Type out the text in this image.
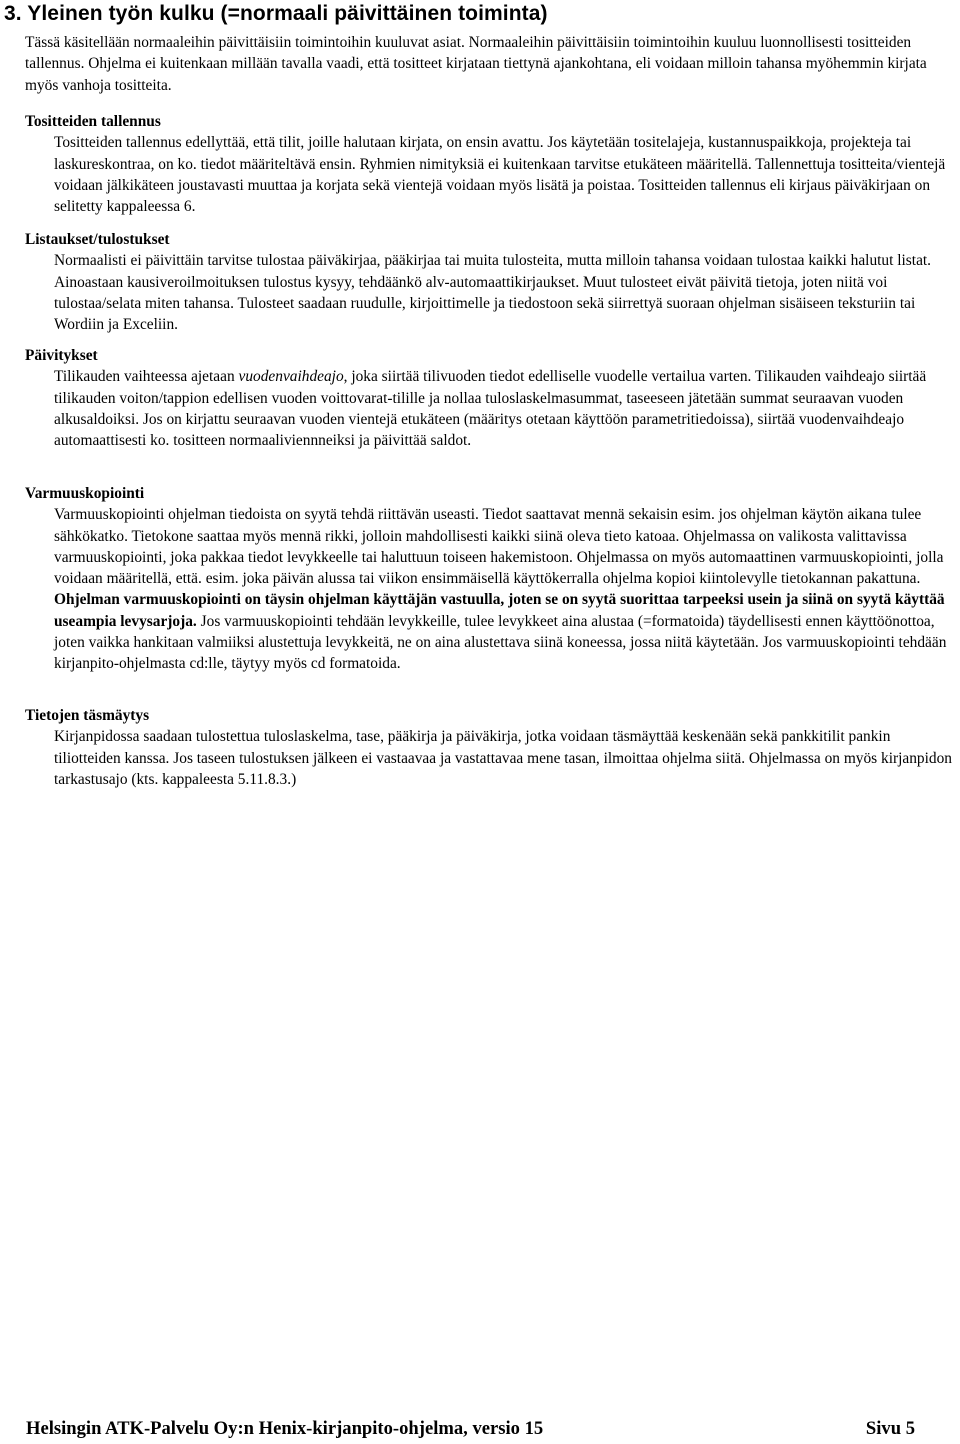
3. Yleinen työn kulku (=normaali päivittäinen toiminta)

Tässä käsitellään normaaleihin päivittäisiin toimintoihin kuuluvat asiat. Normaaleihin päivittäisiin toimintoihin kuuluu luonnollisesti tositteiden tallennus. Ohjelma ei kuitenkaan millään tavalla vaadi, että tositteet kirjataan tiettynä ajankohtana, eli voidaan milloin tahansa myöhemmin kirjata myös vanhoja tositteita.

Tositteiden tallennus

Tositteiden tallennus edellyttää, että tilit, joille halutaan kirjata, on ensin avattu. Jos käytetään tositelajeja, kustannuspaikkoja, projekteja tai laskureskontraa, on ko. tiedot määriteltävä ensin. Ryhmien nimityksiä ei kuitenkaan tarvitse etukäteen määritellä. Tallennettuja tositteita/vientejä voidaan jälkikäteen joustavasti muuttaa ja korjata sekä vientejä voidaan myös lisätä ja poistaa. Tositteiden tallennus eli kirjaus päiväkirjaan on selitetty kappaleessa 6.

Listaukset/tulostukset

Normaalisti ei päivittäin tarvitse tulostaa päiväkirjaa, pääkirjaa tai muita tulosteita, mutta milloin tahansa voidaan tulostaa kaikki halutut listat. Ainoastaan kausiveroilmoituksen tulostus kysyy, tehdäänkö alv-automaattikirjaukset. Muut tulosteet eivät päivitä tietoja, joten niitä voi tulostaa/selata miten tahansa. Tulosteet saadaan ruudulle, kirjoittimelle ja tiedostoon sekä siirrettyä suoraan ohjelman sisäiseen teksturiin tai Wordiin ja Exceliin.

Päivitykset

Tilikauden vaihteessa ajetaan vuodenvaihdeajo, joka siirtää tilivuoden tiedot edelliselle vuodelle vertailua varten. Tilikauden vaihdeajo siirtää tilikauden voiton/tappion edellisen vuoden voittovarat-tilille ja nollaa tuloslaskelmasummat, taseeseen jätetään summat seuraavan vuoden alkusaldoiksi. Jos on kirjattu seuraavan vuoden vientejä etukäteen (määritys otetaan käyttöön parametritiedoissa), siirtää vuodenvaihdeajo automaattisesti ko. tositteen normaaliviennneiksi ja päivittää saldot.

Varmuuskopiointi

Varmuuskopiointi ohjelman tiedoista on syytä tehdä riittävän useasti. Tiedot saattavat mennä sekaisin esim. jos ohjelman käytön aikana tulee sähkökatko. Tietokone saattaa myös mennä rikki, jolloin mahdollisesti kaikki siinä oleva tieto katoaa. Ohjelmassa on valikosta valittavissa varmuuskopiointi, joka pakkaa tiedot levykkeelle tai haluttuun toiseen hakemistoon. Ohjelmassa on myös automaattinen varmuuskopiointi, jolla voidaan määritellä, että. esim. joka päivän alussa tai viikon ensimmäisellä käyttökerralla ohjelma kopioi kiintolevylle tietokannan pakattuna. Ohjelman varmuuskopiointi on täysin ohjelman käyttäjän vastuulla, joten se on syytä suorittaa tarpeeksi usein ja siinä on syytä käyttää useampia levysarjoja. Jos varmuuskopiointi tehdään levykkeille, tulee levykkeet aina alustaa (=formatoida) täydellisesti ennen käyttöönottoa, joten vaikka hankitaan valmiiksi alustettuja levykkeitä, ne on aina alustettava siinä koneessa, jossa niitä käytetään. Jos varmuuskopiointi tehdään kirjanpito-ohjelmasta cd:lle, täytyy myös cd formatoida.

Tietojen täsmäytys

Kirjanpidossa saadaan tulostettua tuloslaskelma, tase, pääkirja ja päiväkirja, jotka voidaan täsmäyttää keskenään sekä pankkitilit pankin tiliotteiden kanssa. Jos taseen tulostuksen jälkeen ei vastaavaa ja vastattavaa mene tasan, ilmoittaa ohjelma siitä. Ohjelmassa on myös kirjanpidon tarkastusajo (kts. kappaleesta 5.11.8.3.)

Helsingin ATK-Palvelu Oy:n Henix-kirjanpito-ohjelma, versio 15	Sivu 5
